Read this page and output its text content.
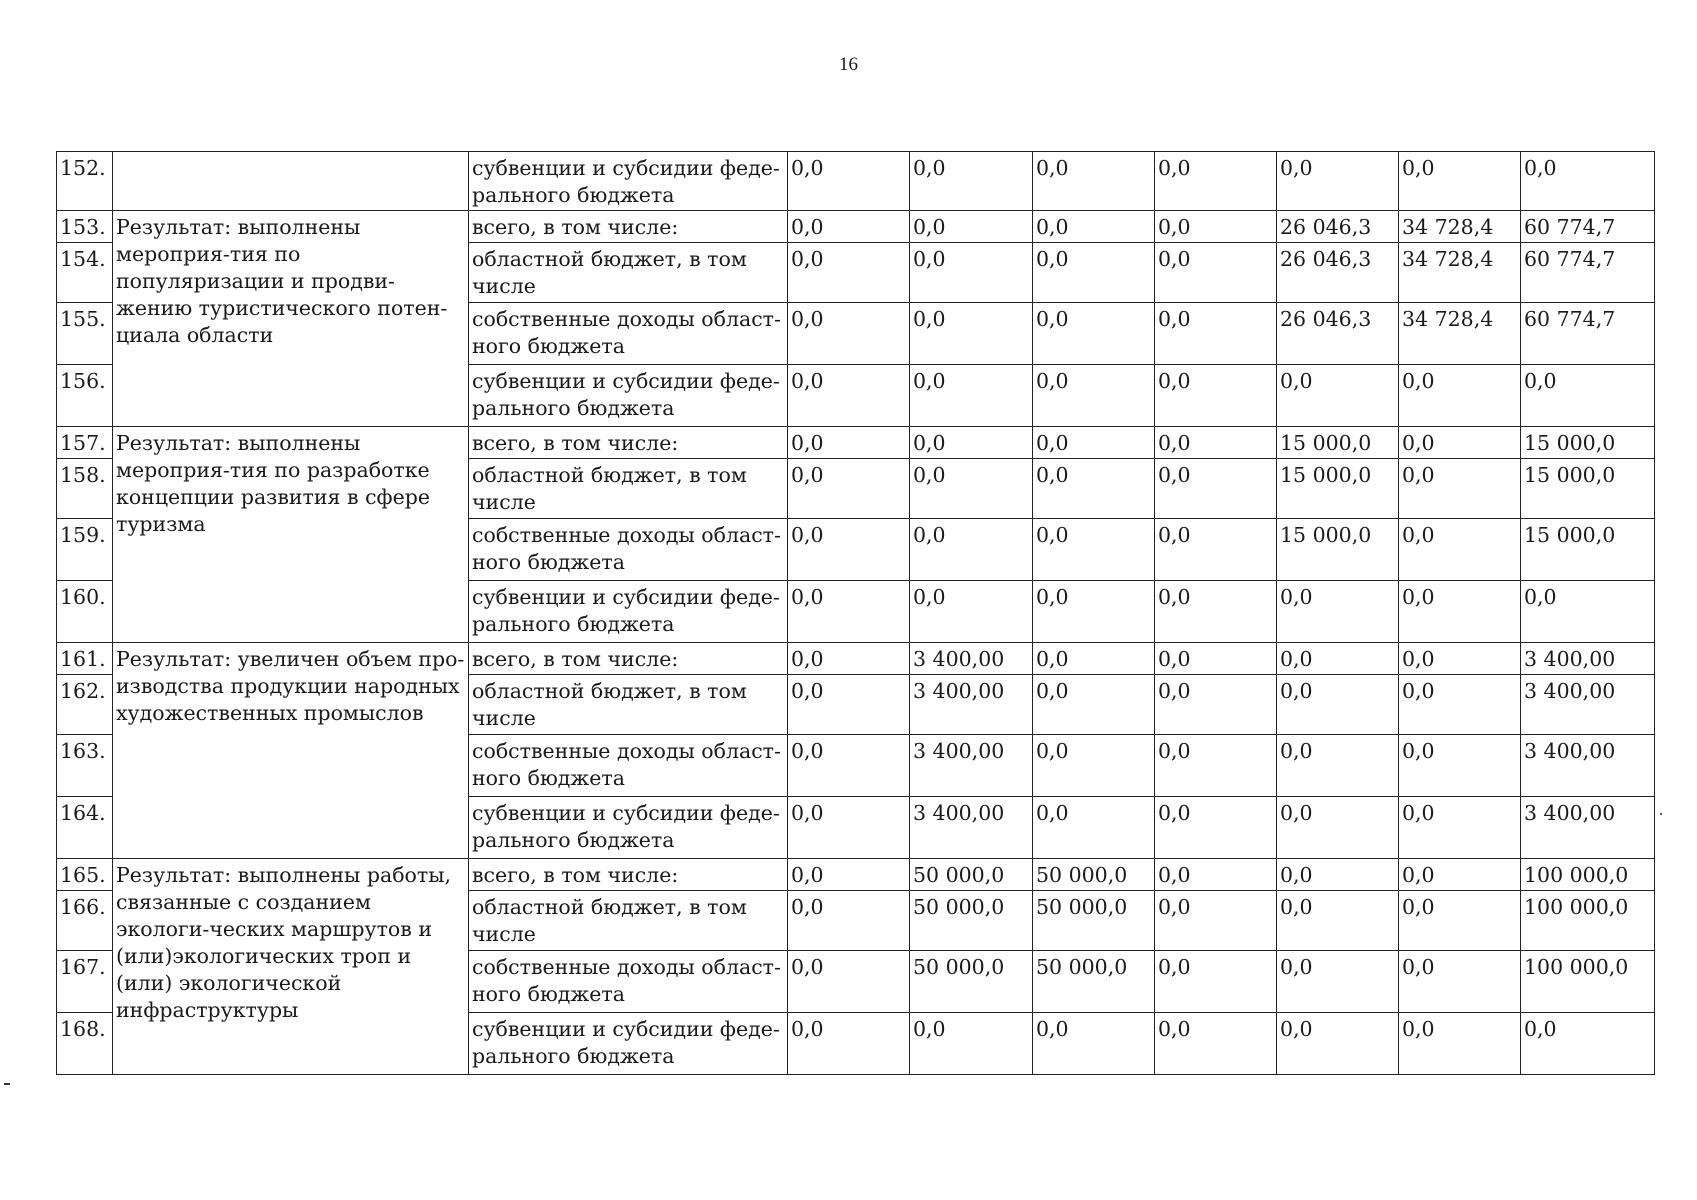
16
152.		субвенции и субсидии феде-ральнoго бюджета	0,0	0,0	0,0	0,0	0,0	0,0	0,0
153.	Результат: выполнены мероприя-тия по популяризации и продви-жению туристического потен-циала области	всего, в том числе:	0,0	0,0	0,0	0,0	26 046,3	34 728,4	60 774,7
154.		областной бюджет, в том числе	0,0	0,0	0,0	0,0	26 046,3	34 728,4	60 774,7
155.		собственные доходы област-ного бюджета	0,0	0,0	0,0	0,0	26 046,3	34 728,4	60 774,7
156.		субвенции и субсидии феде-рального бюджета	0,0	0,0	0,0	0,0	0,0	0,0	0,0
157.	Результат: выполнены мероприя-тия по разработке концепции развития в сфере туризма	всего, в том числе:	0,0	0,0	0,0	0,0	15 000,0	0,0	15 000,0
158.		областной бюджет, в том числе	0,0	0,0	0,0	0,0	15 000,0	0,0	15 000,0
159.		собственные доходы област-ного бюджета	0,0	0,0	0,0	0,0	15 000,0	0,0	15 000,0
160.		субвенции и субсидии феде-рального бюджета	0,0	0,0	0,0	0,0	0,0	0,0	0,0
161.	Результат: увеличен объем про-изводства продукции народных художественных промыслов	всего, в том числе:	0,0	3 400,00	0,0	0,0	0,0	0,0	3 400,00
162.		областной бюджет, в том числе	0,0	3 400,00	0,0	0,0	0,0	0,0	3 400,00
163.		собственные доходы област-ного бюджета	0,0	3 400,00	0,0	0,0	0,0	0,0	3 400,00
164.		субвенции и субсидии феде-рального бюджета	0,0	3 400,00	0,0	0,0	0,0	0,0	3 400,00
165.	Результат: выполнены работы, связанные с созданием экологи-ческих маршрутов и (или)экологических троп и (или) экологической инфраструктуры	всего, в том числе:	0,0	50 000,0	50 000,0	0,0	0,0	0,0	100 000,0
166.		областной бюджет, в том числе	0,0	50 000,0	50 000,0	0,0	0,0	0,0	100 000,0
167.		собственные доходы област-ного бюджета	0,0	50 000,0	50 000,0	0,0	0,0	0,0	100 000,0
168.		субвенции и субсидии феде-рального бюджета	0,0	0,0	0,0	0,0	0,0	0,0	0,0
